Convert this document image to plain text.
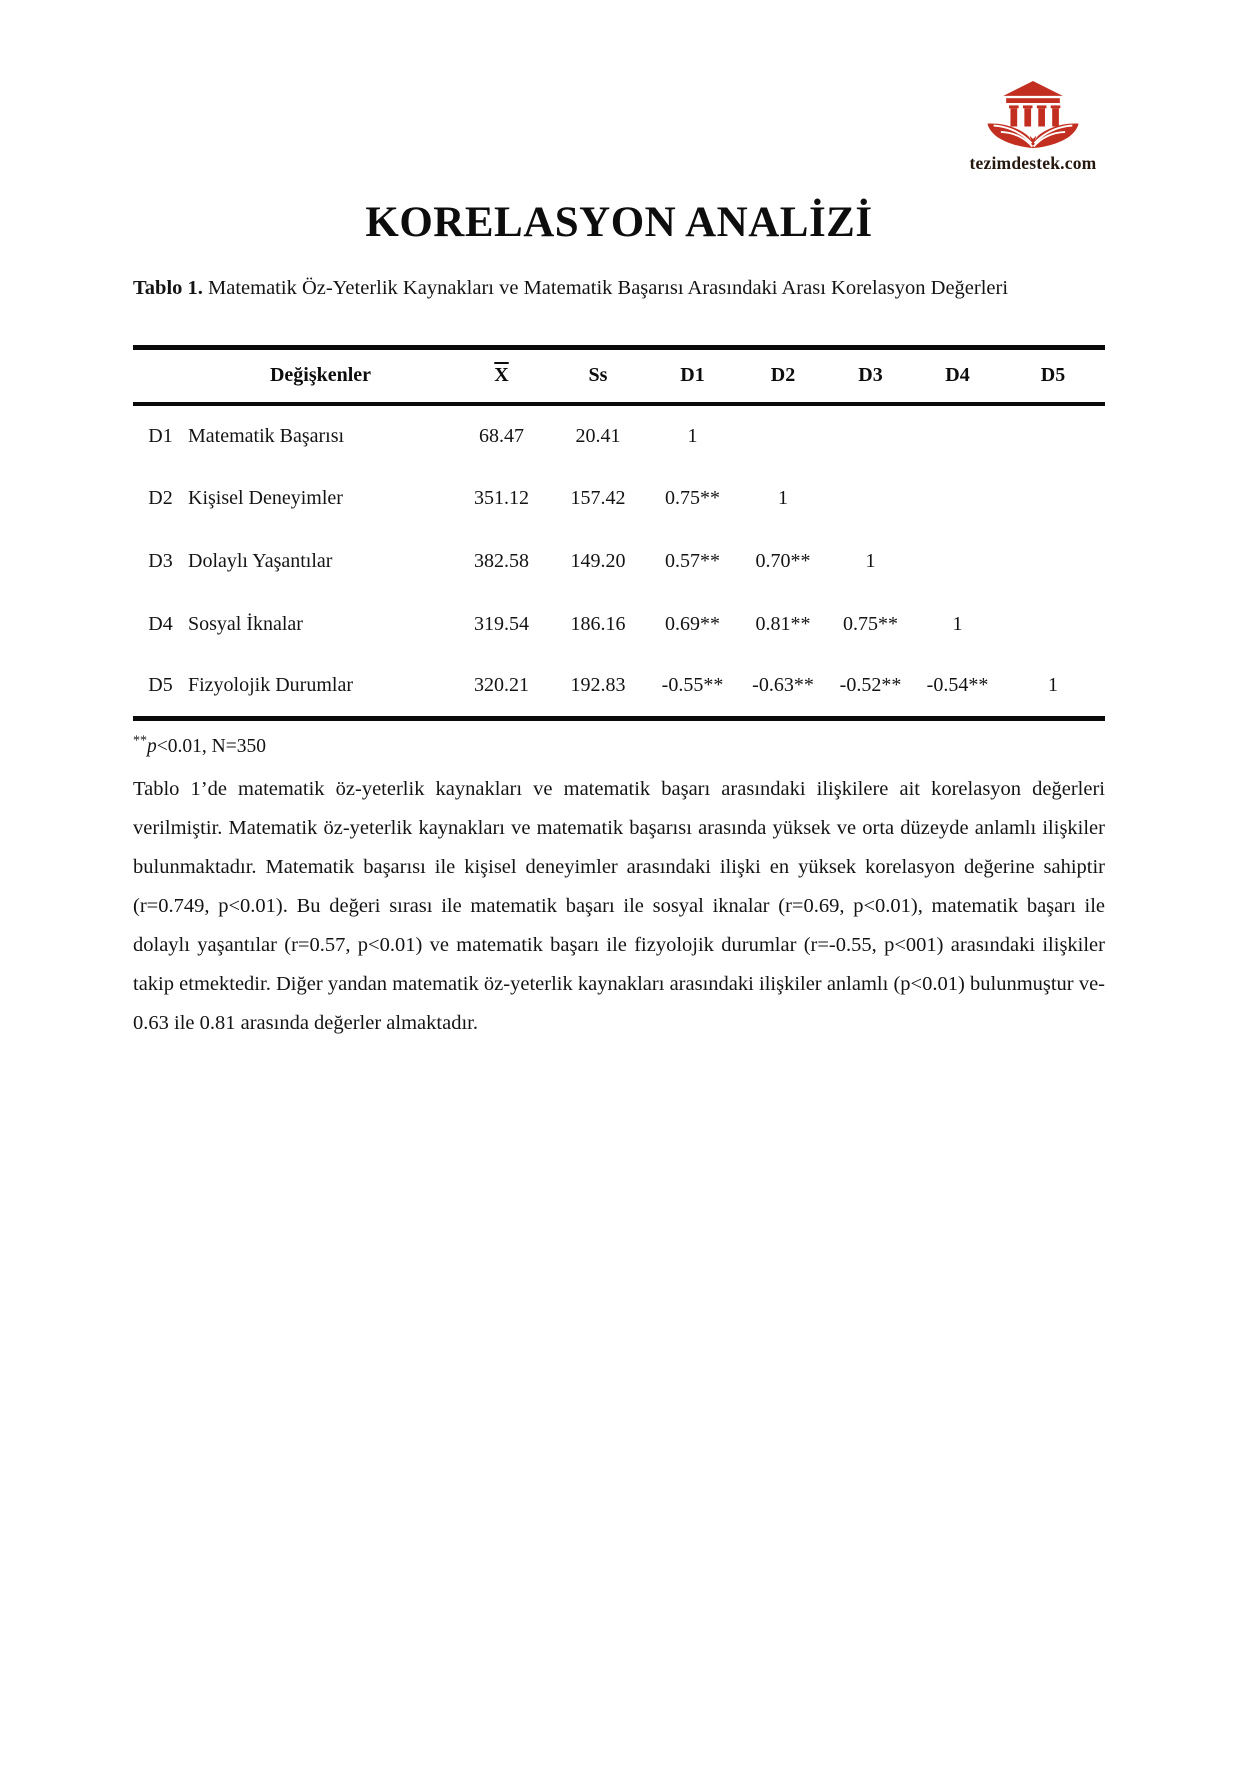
tezimdestek.com
KORELASYON ANALİZİ

Tablo 1. Matematik Öz-Yeterlik Kaynakları ve Matematik Başarısı Arasındaki Arası Korelasyon Değerleri

	Değişkenler	$\overline{X}$	Ss	D1	D2	D3	D4	D5
D1	Matematik Başarısı	68.47	20.41	1				
D2	Kişisel Deneyimler	351.12	157.42	0.75**	1			
D3	Dolaylı Yaşantılar	382.58	149.20	0.57**	0.70**	1		
D4	Sosyal İknalar	319.54	186.16	0.69**	0.81**	0.75**	1	
D5	Fizyolojik Durumlar	320.21	192.83	-0.55**	-0.63**	-0.52**	-0.54**	1

**p<0.01, N=350

Tablo 1’de matematik öz-yeterlik kaynakları ve matematik başarı arasındaki ilişkilere ait korelasyon değerleri verilmiştir. Matematik öz-yeterlik kaynakları ve matematik başarısı arasında yüksek ve orta düzeyde anlamlı ilişkiler bulunmaktadır. Matematik başarısı ile kişisel deneyimler arasındaki ilişki en yüksek korelasyon değerine sahiptir (r=0.749, p<0.01). Bu değeri sırası ile matematik başarı ile sosyal iknalar (r=0.69, p<0.01), matematik başarı ile dolaylı yaşantılar (r=0.57, p<0.01) ve matematik başarı ile fizyolojik durumlar (r=-0.55, p<001) arasındaki ilişkiler takip etmektedir. Diğer yandan matematik öz-yeterlik kaynakları arasındaki ilişkiler anlamlı (p<0.01) bulunmuştur ve-0.63 ile 0.81 arasında değerler almaktadır.
